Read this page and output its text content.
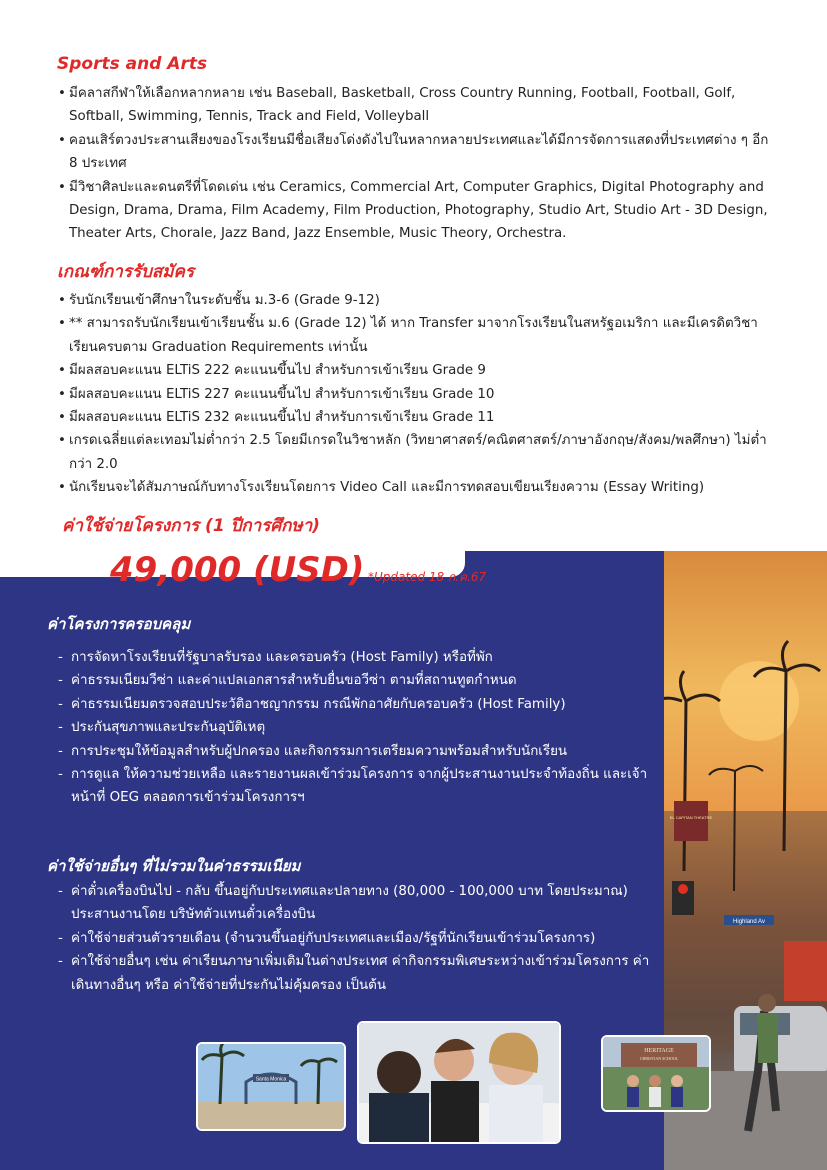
Sports and Arts
• มีคลาสกีฬาให้เลือกหลากหลาย เช่น Baseball, Basketball, Cross Country Running, Football, Football, Golf, Softball, Swimming, Tennis, Track and Field, Volleyball
• คอนเสิร์ตวงประสานเสียงของโรงเรียนมีชื่อเสียงโด่งดังไปในหลากหลายประเทศและได้มีการจัดการแสดงที่ประเทศต่าง ๆ อีก 8 ประเทศ
• มีวิชาศิลปะและดนตรีที่โดดเด่น เช่น Ceramics, Commercial Art, Computer Graphics, Digital Photography and Design, Drama, Drama, Film Academy, Film Production, Photography, Studio Art, Studio Art - 3D Design, Theater Arts, Chorale, Jazz Band, Jazz Ensemble, Music Theory, Orchestra.
เกณฑ์การรับสมัคร
• รับนักเรียนเข้าศึกษาในระดับชั้น ม.3-6 (Grade 9-12)
• ** สามารถรับนักเรียนเข้าเรียนชั้น ม.6 (Grade 12) ได้ หาก Transfer มาจากโรงเรียนในสหรัฐอเมริกา และมีเครดิตวิชาเรียนครบตาม Graduation Requirements เท่านั้น
• มีผลสอบคะแนน ELTiS 222 คะแนนขึ้นไป สำหรับการเข้าเรียน Grade 9
• มีผลสอบคะแนน ELTiS 227 คะแนนขึ้นไป สำหรับการเข้าเรียน Grade 10
• มีผลสอบคะแนน ELTiS 232 คะแนนขึ้นไป สำหรับการเข้าเรียน Grade 11
• เกรดเฉลี่ยแต่ละเทอมไม่ต่ำกว่า 2.5 โดยมีเกรดในวิชาหลัก (วิทยาศาสตร์/คณิตศาสตร์/ภาษาอังกฤษ/สังคม/พลศึกษา) ไม่ต่ำกว่า 2.0
• นักเรียนจะได้สัมภาษณ์กับทางโรงเรียนโดยการ Video Call และมีการทดสอบเขียนเรียงความ (Essay Writing)
ค่าใช้จ่ายโครงการ (1 ปีการศึกษา)
Highland Av
EL CAPITAN THEATRE
49,000 (USD) *Updated 18 ก.ค.67
ค่าโครงการครอบคลุม
- การจัดหาโรงเรียนที่รัฐบาลรับรอง และครอบครัว (Host Family) หรือที่พัก
- ค่าธรรมเนียมวีซ่า และค่าแปลเอกสารสำหรับยื่นขอวีซ่า ตามที่สถานทูตกำหนด
- ค่าธรรมเนียมตรวจสอบประวัติอาชญากรรม กรณีพักอาศัยกับครอบครัว (Host Family)
- ประกันสุขภาพและประกันอุบัติเหตุ
- การประชุมให้ข้อมูลสำหรับผู้ปกครอง และกิจกรรมการเตรียมความพร้อมสำหรับนักเรียน
- การดูแล ให้ความช่วยเหลือ และรายงานผลเข้าร่วมโครงการ จากผู้ประสานงานประจำท้องถิ่น และเจ้าหน้าที่ OEG ตลอดการเข้าร่วมโครงการฯ
ค่าใช้จ่ายอื่นๆ ที่ไม่รวมในค่าธรรมเนียม
- ค่าตั๋วเครื่องบินไป - กลับ ขึ้นอยู่กับประเทศและปลายทาง (80,000 - 100,000 บาท โดยประมาณ) ประสานงานโดย บริษัทตัวแทนตั๋วเครื่องบิน
- ค่าใช้จ่ายส่วนตัวรายเดือน (จำนวนขึ้นอยู่กับประเทศและเมือง/รัฐที่นักเรียนเข้าร่วมโครงการ)
- ค่าใช้จ่ายอื่นๆ เช่น ค่าเรียนภาษาเพิ่มเติมในต่างประเทศ ค่ากิจกรรมพิเศษระหว่างเข้าร่วมโครงการ ค่าเดินทางอื่นๆ หรือ ค่าใช้จ่ายที่ประกันไม่คุ้มครอง เป็นต้น
Santa Monica
HERITAGE
CHRISTIAN SCHOOL
